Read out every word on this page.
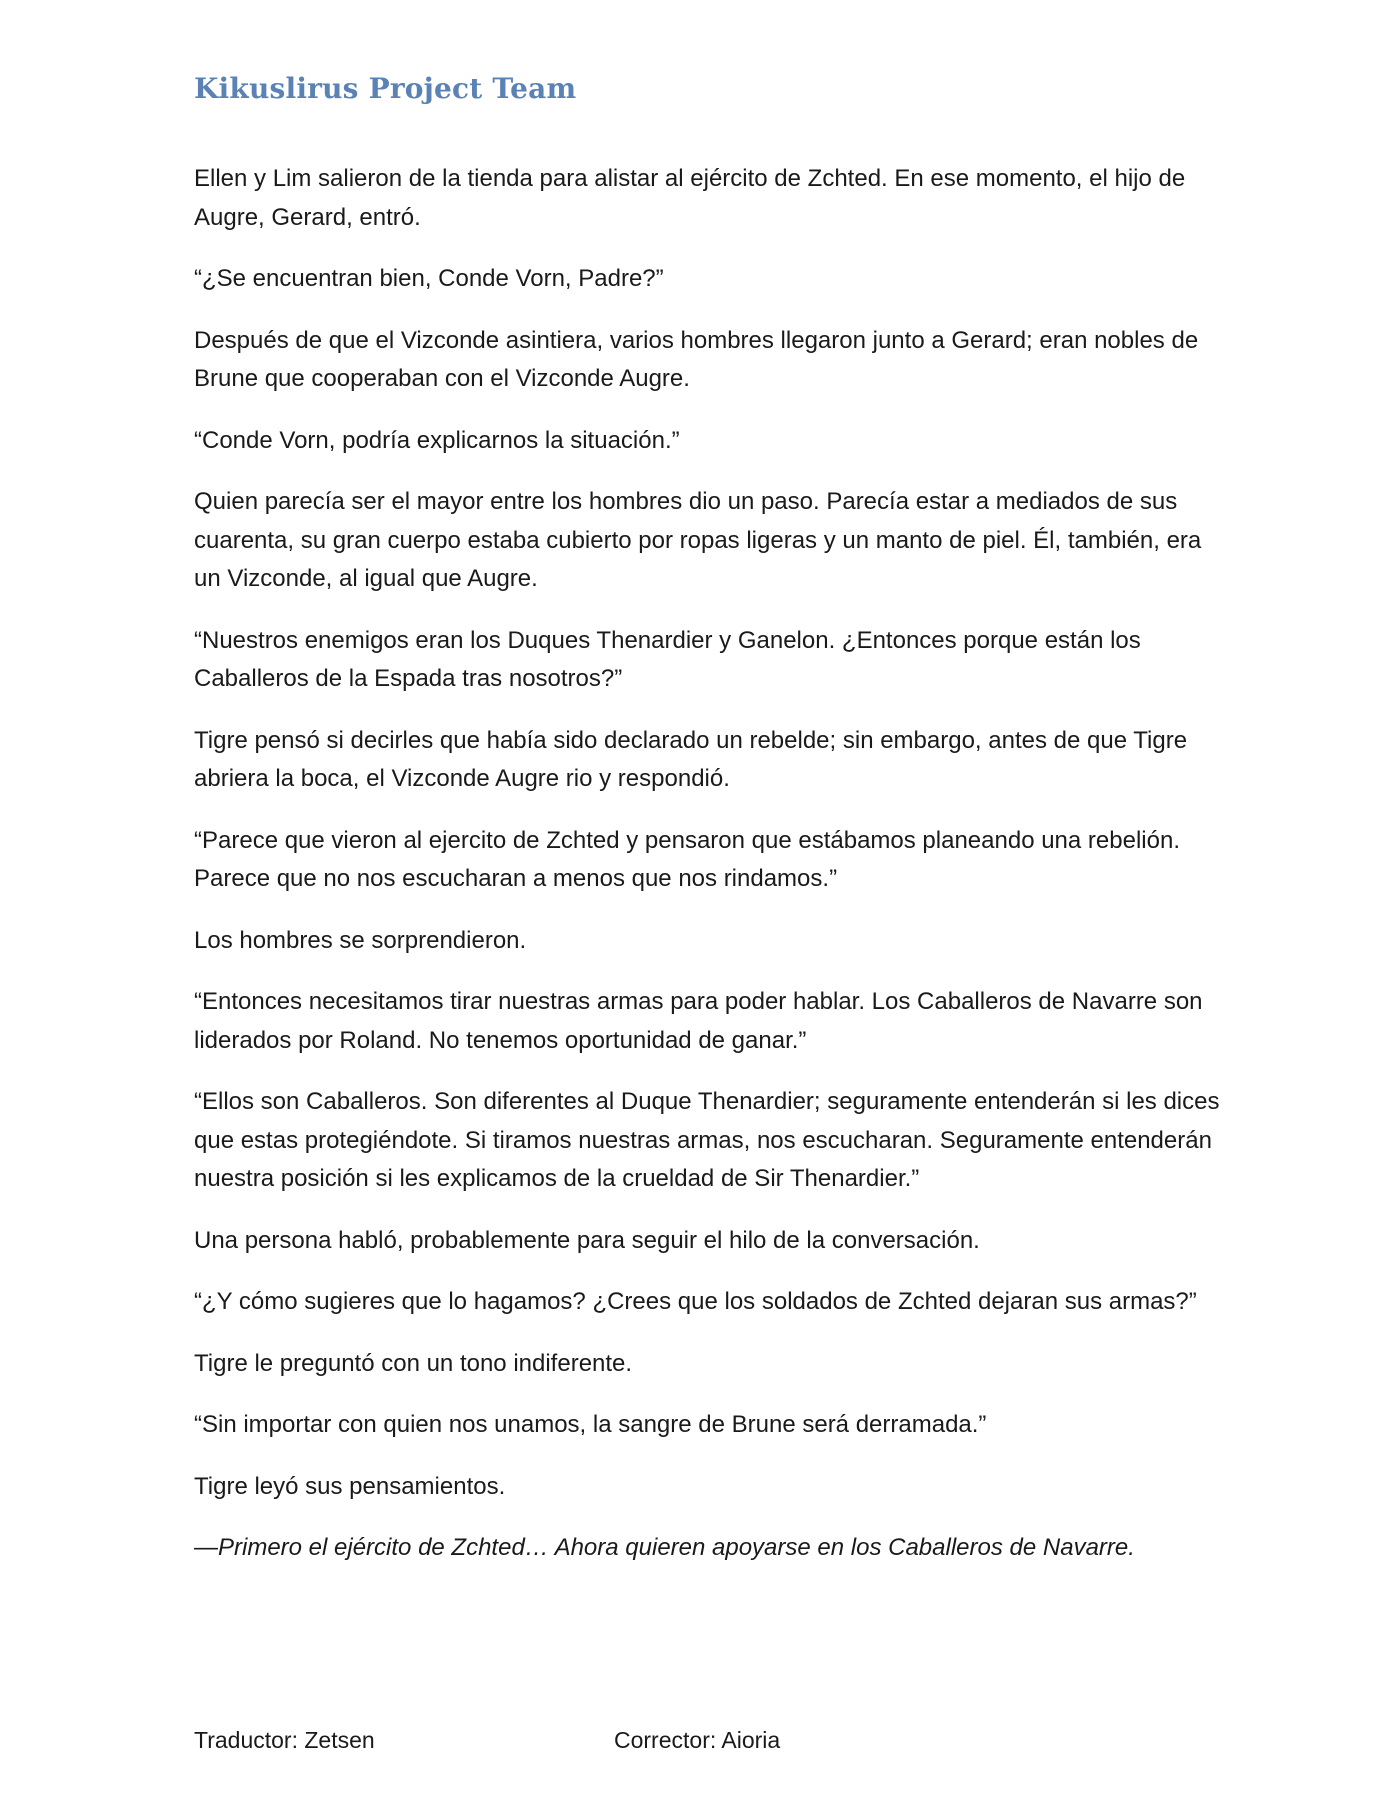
Kikuslirus Project Team

Ellen y Lim salieron de la tienda para alistar al ejército de Zchted. En ese momento, el hijo de Augre, Gerard, entró.

“¿Se encuentran bien, Conde Vorn, Padre?”

Después de que el Vizconde asintiera, varios hombres llegaron junto a Gerard; eran nobles de Brune que cooperaban con el Vizconde Augre.

“Conde Vorn, podría explicarnos la situación.”

Quien parecía ser el mayor entre los hombres dio un paso. Parecía estar a mediados de sus cuarenta, su gran cuerpo estaba cubierto por ropas ligeras y un manto de piel. Él, también, era un Vizconde, al igual que Augre.

“Nuestros enemigos eran los Duques Thenardier y Ganelon. ¿Entonces porque están los Caballeros de la Espada tras nosotros?”

Tigre pensó si decirles que había sido declarado un rebelde; sin embargo, antes de que Tigre abriera la boca, el Vizconde Augre rio y respondió.

“Parece que vieron al ejercito de Zchted y pensaron que estábamos planeando una rebelión. Parece que no nos escucharan a menos que nos rindamos.”

Los hombres se sorprendieron.

“Entonces necesitamos tirar nuestras armas para poder hablar. Los Caballeros de Navarre son liderados por Roland. No tenemos oportunidad de ganar.”

“Ellos son Caballeros. Son diferentes al Duque Thenardier; seguramente entenderán si les dices que estas protegiéndote. Si tiramos nuestras armas, nos escucharan. Seguramente entenderán nuestra posición si les explicamos de la crueldad de Sir Thenardier.”

Una persona habló, probablemente para seguir el hilo de la conversación.

“¿Y cómo sugieres que lo hagamos? ¿Crees que los soldados de Zchted dejaran sus armas?”

Tigre le preguntó con un tono indiferente.

“Sin importar con quien nos unamos, la sangre de Brune será derramada.”

Tigre leyó sus pensamientos.

—Primero el ejército de Zchted… Ahora quieren apoyarse en los Caballeros de Navarre.

Traductor: Zetsen	Corrector: Aioria
